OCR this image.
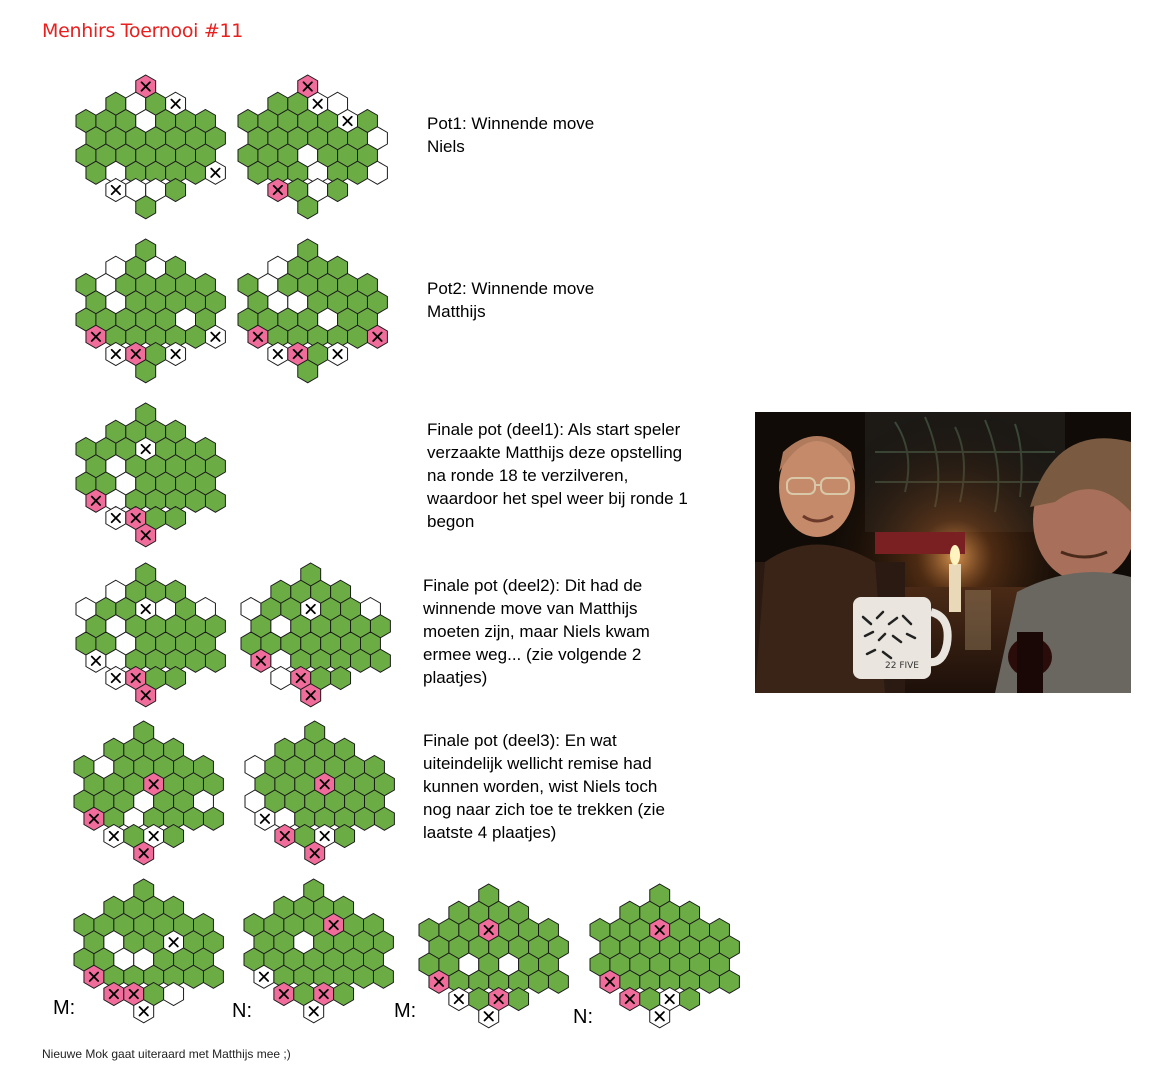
Menhirs Toernooi #11
Pot1: Winnende move
Niels
Pot2: Winnende move
Matthijs
Finale pot (deel1): Als start speler
verzaakte Matthijs deze opstelling
na ronde 18 te verzilveren,
waardoor het spel weer bij ronde 1
begon
22 FIVE
Finale pot (deel2): Dit had de
winnende move van Matthijs
moeten zijn, maar Niels kwam
ermee weg... (zie volgende 2
plaatjes)
Finale pot (deel3): En wat
uiteindelijk wellicht remise had
kunnen worden, wist Niels toch
nog naar zich toe te trekken (zie
laatste 4 plaatjes)
M:	N:	M:	N:
Nieuwe Mok gaat uiteraard met Matthijs mee ;)
